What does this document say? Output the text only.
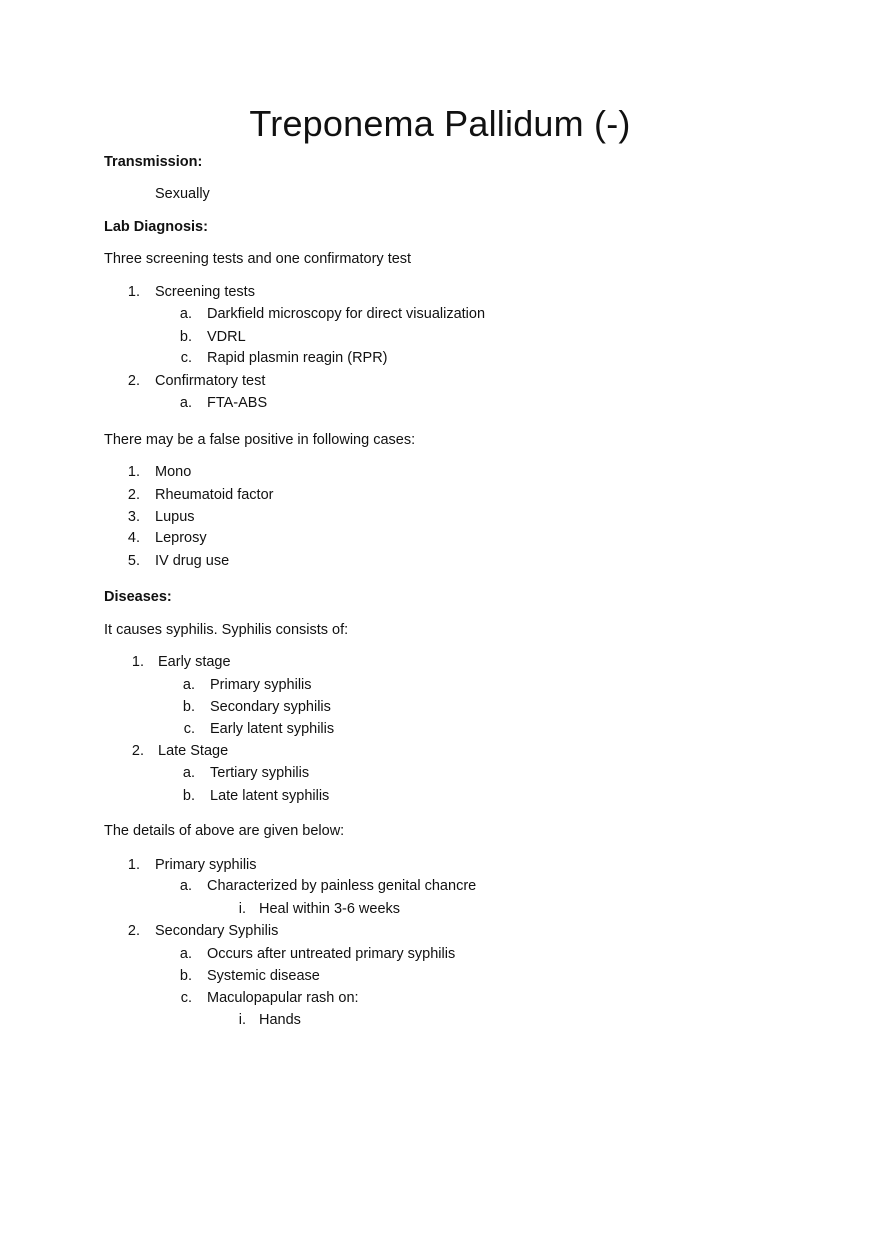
Treponema Pallidum (-)
Transmission:
Sexually
Lab Diagnosis:
Three screening tests and one confirmatory test
1. Screening tests
a. Darkfield microscopy for direct visualization
b. VDRL
c. Rapid plasmin reagin (RPR)
2. Confirmatory test
a. FTA-ABS
There may be a false positive in following cases:
1. Mono
2. Rheumatoid factor
3. Lupus
4. Leprosy
5. IV drug use
Diseases:
It causes syphilis. Syphilis consists of:
1. Early stage
a. Primary syphilis
b. Secondary syphilis
c. Early latent syphilis
2. Late Stage
a. Tertiary syphilis
b. Late latent syphilis
The details of above are given below:
1. Primary syphilis
a. Characterized by painless genital chancre
i. Heal within 3-6 weeks
2. Secondary Syphilis
a. Occurs after untreated primary syphilis
b. Systemic disease
c. Maculopapular rash on:
i. Hands
